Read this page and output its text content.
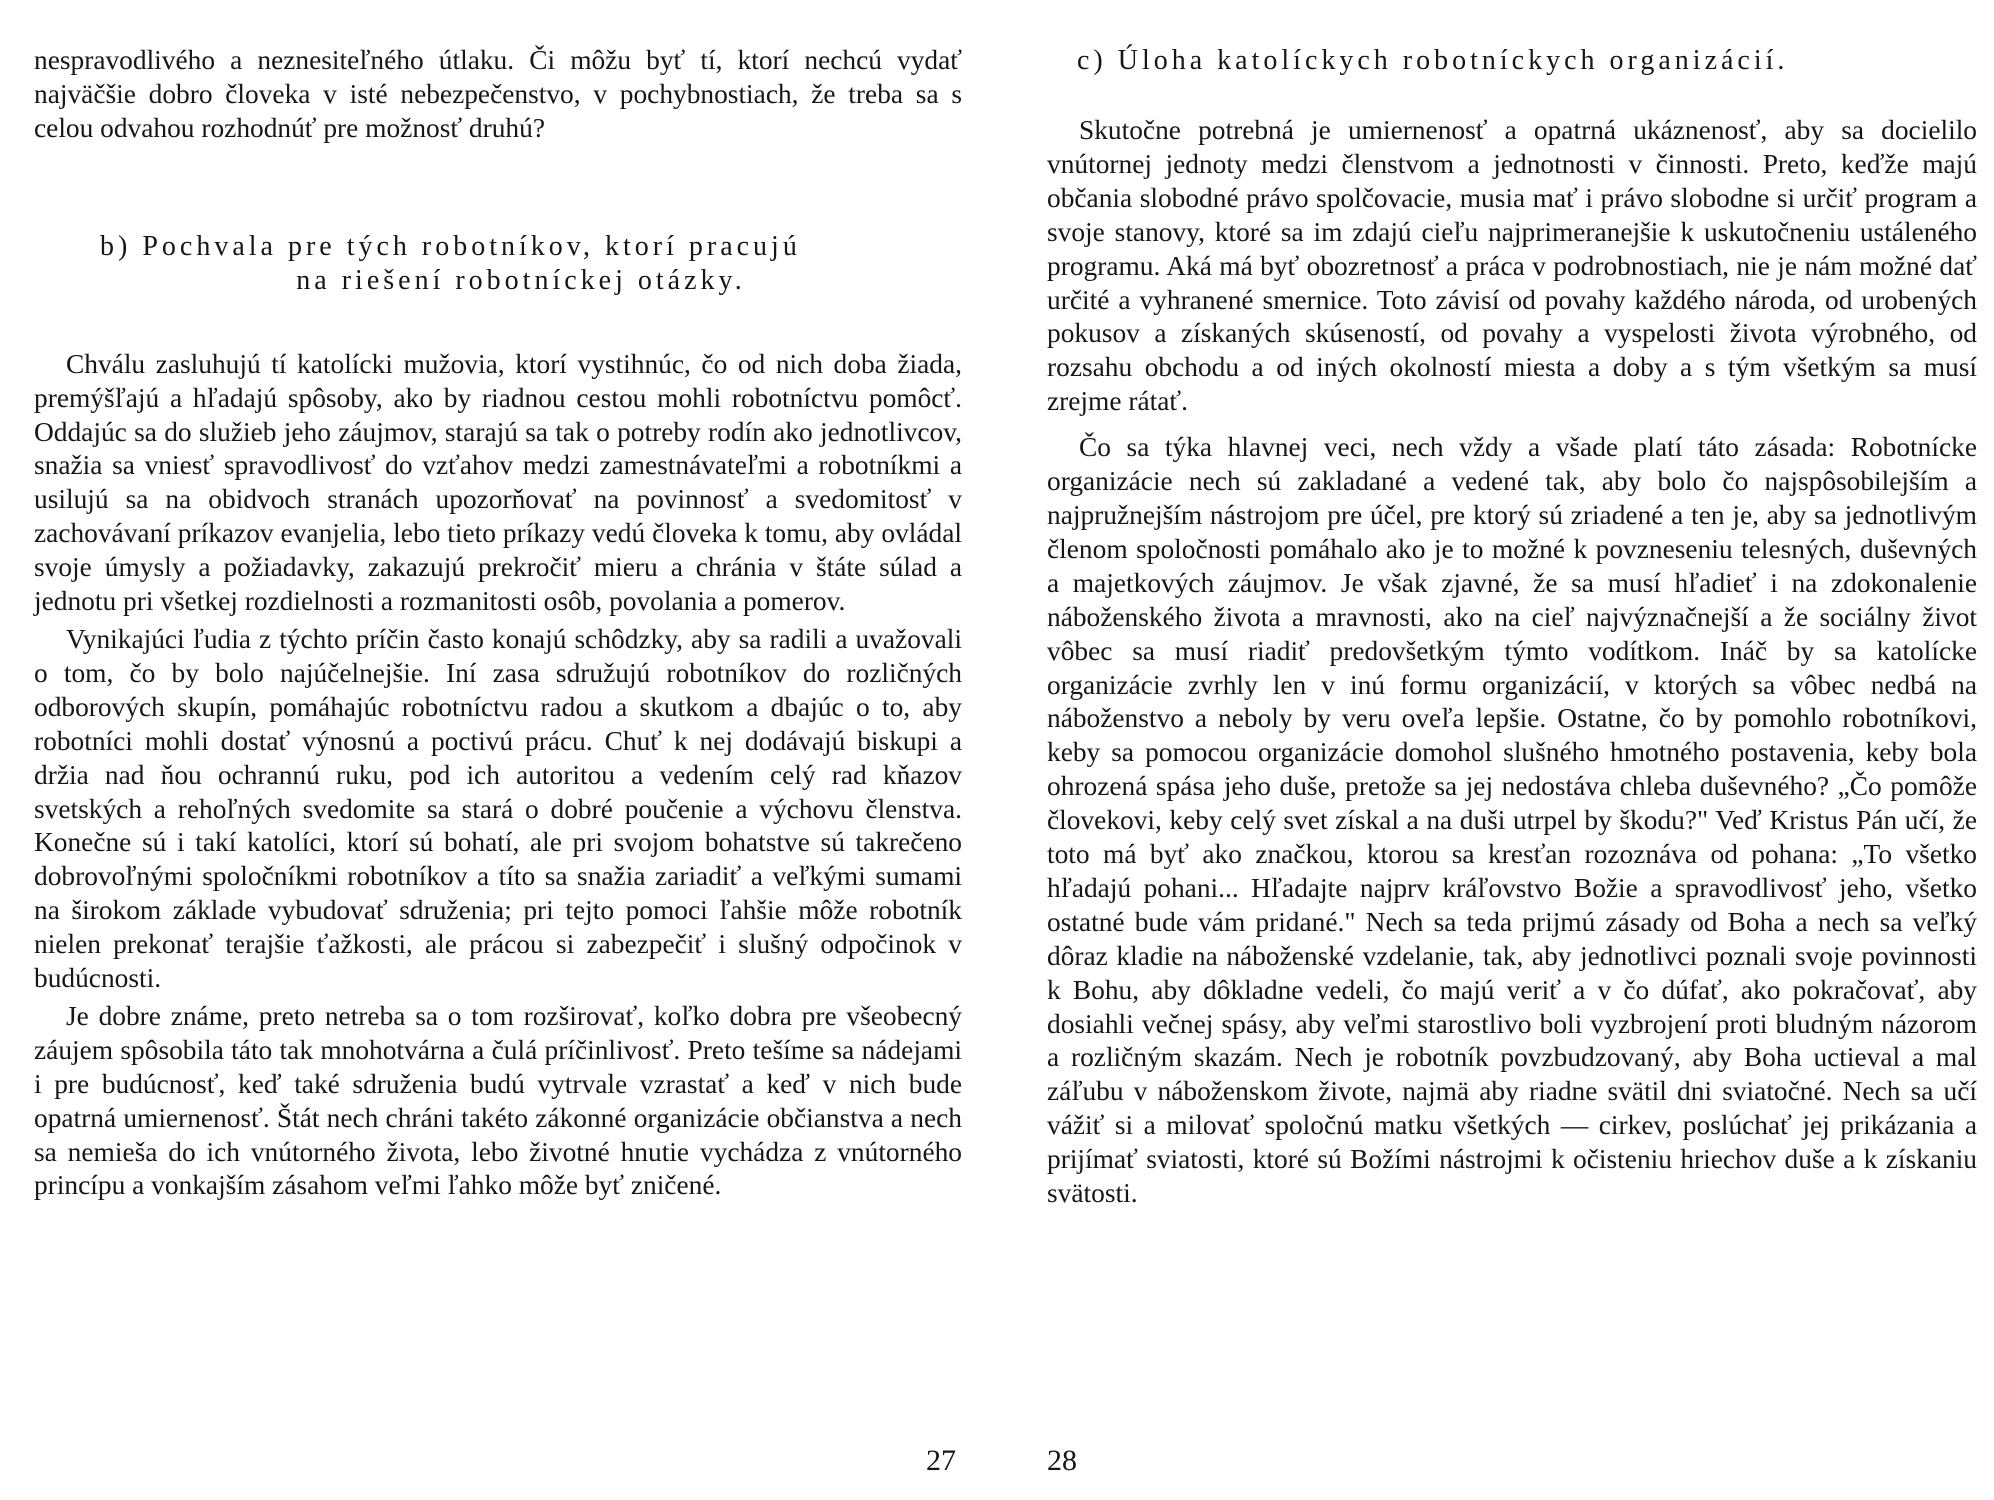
nespravodlivého a neznesiteľného útlaku. Či môžu byť tí, ktorí nechcú vydať najväčšie dobro človeka v isté nebezpečenstvo, v pochybnostiach, že treba sa s celou odvahou rozhodnúť pre možnosť druhú?

b) Pochvala pre tých robotníkov, ktorí pracujú
na riešení robotníckej otázky.

Chválu zasluhujú tí katolícki mužovia, ktorí vystihnúc, čo od nich doba žiada, premýšľajú a hľadajú spôsoby, ako by riadnou cestou mohli robotníctvu pomôcť. Oddajúc sa do služieb jeho záujmov, starajú sa tak o potreby rodín ako jednotlivcov, snažia sa vniesť spravodlivosť do vzťahov medzi zamestnávateľmi a robotníkmi a usilujú sa na obidvoch stranách upozorňovať na povinnosť a svedomitosť v zachovávaní príkazov evanjelia, lebo tieto príkazy vedú človeka k tomu, aby ovládal svoje úmysly a požiadavky, zakazujú prekročiť mieru a chránia v štáte súlad a jednotu pri všetkej rozdielnosti a rozmanitosti osôb, povolania a pomerov.

Vynikajúci ľudia z týchto príčin často konajú schôdzky, aby sa radili a uvažovali o tom, čo by bolo najúčelnejšie. Iní zasa sdružujú robotníkov do rozličných odborových skupín, pomáhajúc robotníctvu radou a skutkom a dbajúc o to, aby robotníci mohli dostať výnosnú a poctivú prácu. Chuť k nej dodávajú biskupi a držia nad ňou ochrannú ruku, pod ich autoritou a vedením celý rad kňazov svetských a rehoľných svedomite sa stará o dobré poučenie a výchovu členstva. Konečne sú i takí katolíci, ktorí sú bohatí, ale pri svojom bohatstve sú takrečeno dobrovoľnými spoločníkmi robotníkov a títo sa snažia zariadiť a veľkými sumami na širokom základe vybudovať sdruženia; pri tejto pomoci ľahšie môže robotník nielen prekonať terajšie ťažkosti, ale prácou si zabezpečiť i slušný odpočinok v budúcnosti.

Je dobre známe, preto netreba sa o tom rozširovať, koľko dobra pre všeobecný záujem spôsobila táto tak mnohotvárna a čulá príčinlivosť. Preto tešíme sa nádejami i pre budúcnosť, keď také sdruženia budú vytrvale vzrastať a keď v nich bude opatrná umiernenosť. Štát nech chráni takéto zákonné organizácie občianstva a nech sa nemieša do ich vnútorného života, lebo životné hnutie vychádza z vnútorného princípu a vonkajším zásahom veľmi ľahko môže byť zničené.

27
c) Úloha katolíckych robotníckych organizácií.

Skutočne potrebná je umiernenosť a opatrná ukáznenosť, aby sa docielilo vnútornej jednoty medzi členstvom a jednotnosti v činnosti. Preto, keďže majú občania slobodné právo spolčovacie, musia mať i právo slobodne si určiť program a svoje stanovy, ktoré sa im zdajú cieľu najprimeranejšie k uskutočneniu ustáleného programu. Aká má byť obozretnosť a práca v podrobnostiach, nie je nám možné dať určité a vyhranené smernice. Toto závisí od povahy každého národa, od urobených pokusov a získaných skúseností, od povahy a vyspelosti života výrobného, od rozsahu obchodu a od iných okolností miesta a doby a s tým všetkým sa musí zrejme rátať.

Čo sa týka hlavnej veci, nech vždy a všade platí táto zásada: Robotnícke organizácie nech sú zakladané a vedené tak, aby bolo čo najspôsobilejším a najpružnejším nástrojom pre účel, pre ktorý sú zriadené a ten je, aby sa jednotlivým členom spoločnosti pomáhalo ako je to možné k povzneseniu telesných, duševných a majetkových záujmov. Je však zjavné, že sa musí hľadieť i na zdokonalenie náboženského života a mravnosti, ako na cieľ najvýznačnejší a že sociálny život vôbec sa musí riadiť predovšetkým týmto vodítkom. Ináč by sa katolícke organizácie zvrhly len v inú formu organizácií, v ktorých sa vôbec nedbá na náboženstvo a neboly by veru oveľa lepšie. Ostatne, čo by pomohlo robotníkovi, keby sa pomocou organizácie domohol slušného hmotného postavenia, keby bola ohrozená spása jeho duše, pretože sa jej nedostáva chleba duševného? „Čo pomôže človekovi, keby celý svet získal a na duši utrpel by škodu?" Veď Kristus Pán učí, že toto má byť ako značkou, ktorou sa kresťan rozoznáva od pohana: „To všetko hľadajú pohani... Hľadajte najprv kráľovstvo Božie a spravodlivosť jeho, všetko ostatné bude vám pridané." Nech sa teda prijmú zásady od Boha a nech sa veľký dôraz kladie na náboženské vzdelanie, tak, aby jednotlivci poznali svoje povinnosti k Bohu, aby dôkladne vedeli, čo majú veriť a v čo dúfať, ako pokračovať, aby dosiahli večnej spásy, aby veľmi starostlivo boli vyzbrojení proti bludným názorom a rozličným skazám. Nech je robotník povzbudzovaný, aby Boha uctieval a mal záľubu v náboženskom živote, najmä aby riadne svätil dni sviatočné. Nech sa učí vážiť si a milovať spoločnú matku všetkých — cirkev, poslúchať jej prikázania a prijímať sviatosti, ktoré sú Božími nástrojmi k očisteniu hriechov duše a k získaniu svätosti.

28
